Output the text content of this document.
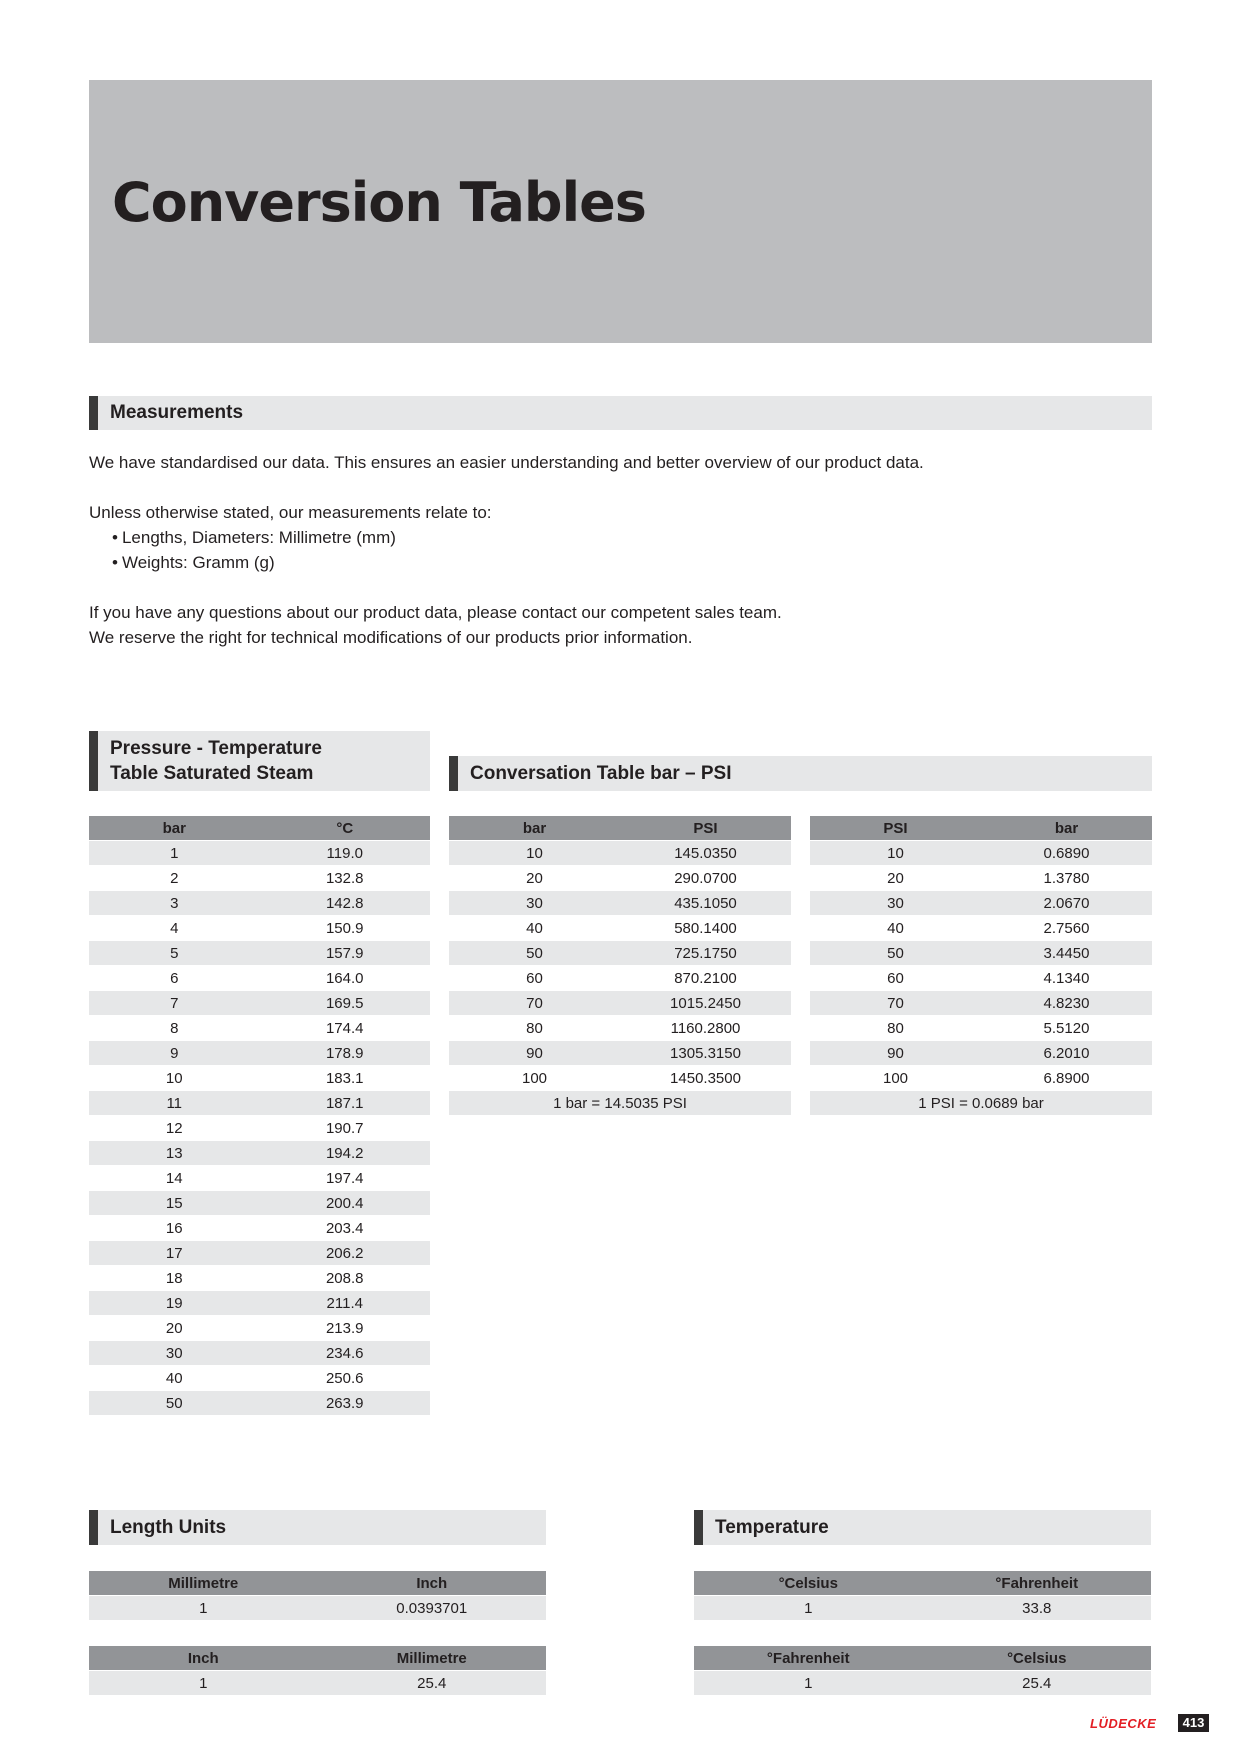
Conversion Tables
Measurements

We have standardised our data. This ensures an easier understanding and better overview of our product data.

Unless otherwise stated, our measurements relate to:

• Lengths, Diameters: Millimetre (mm)
• Weights: Gramm (g)

If you have any questions about our product data, please contact our competent sales team.

We reserve the right for technical modifications of our products prior information.

Pressure - Temperature
Table Saturated Steam
bar	°C
1	119.0
2	132.8
3	142.8
4	150.9
5	157.9
6	164.0
7	169.5
8	174.4
9	178.9
10	183.1
11	187.1
12	190.7
13	194.2
14	197.4
15	200.4
16	203.4
17	206.2
18	208.8
19	211.4
20	213.9
30	234.6
40	250.6
50	263.9
Conversation Table bar – PSI
bar	PSI
10	145.0350
20	290.0700
30	435.1050
40	580.1400
50	725.1750
60	870.2100
70	1015.2450
80	1160.2800
90	1305.3150
100	1450.3500
1 bar = 14.5035 PSI	
PSI	bar
10	0.6890
20	1.3780
30	2.0670
40	2.7560
50	3.4450
60	4.1340
70	4.8230
80	5.5120
90	6.2010
100	6.8900
1 PSI = 0.0689 bar	
Length Units
Millimetre	Inch
1	0.0393701
Inch	Millimetre
1	25.4
Temperature
°Celsius	°Fahrenheit
1	33.8
°Fahrenheit	°Celsius
1	25.4
LÜDECKE	413
